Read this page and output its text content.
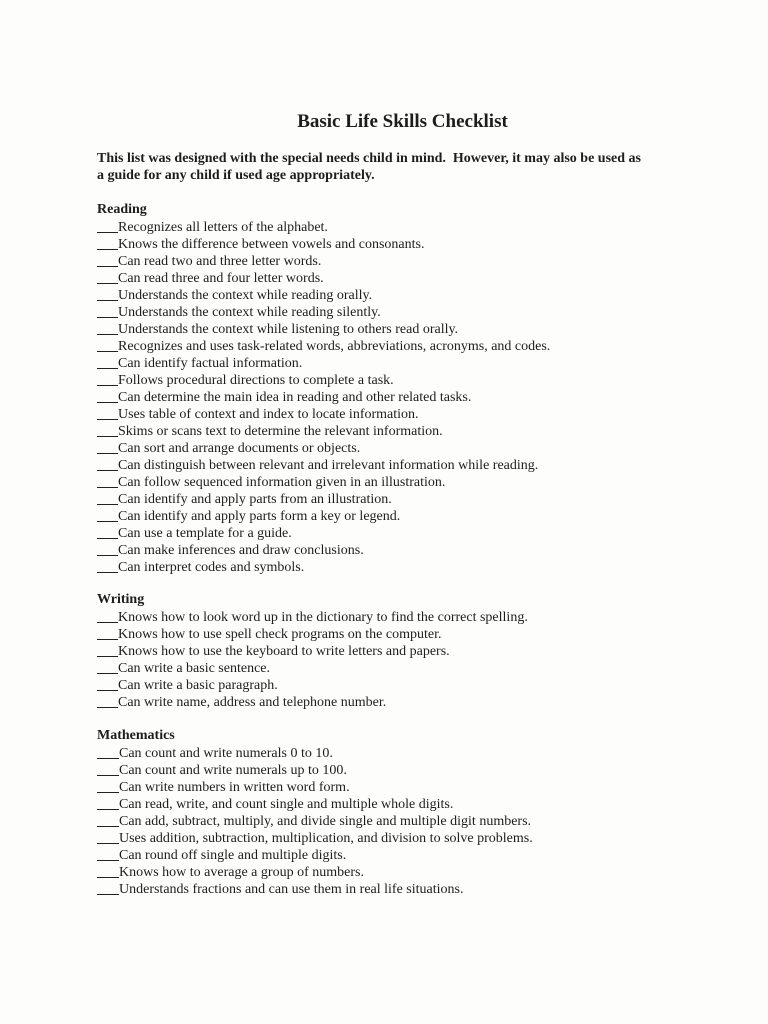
Basic Life Skills Checklist
This list was designed with the special needs child in mind.  However, it may also be used as
a guide for any child if used age appropriately.
Reading
Recognizes all letters of the alphabet.
Knows the difference between vowels and consonants.
Can read two and three letter words.
Can read three and four letter words.
Understands the context while reading orally.
Understands the context while reading silently.
Understands the context while listening to others read orally.
Recognizes and uses task-related words, abbreviations, acronyms, and codes.
Can identify factual information.
Follows procedural directions to complete a task.
Can determine the main idea in reading and other related tasks.
Uses table of context and index to locate information.
Skims or scans text to determine the relevant information.
Can sort and arrange documents or objects.
Can distinguish between relevant and irrelevant information while reading.
Can follow sequenced information given in an illustration.
Can identify and apply parts from an illustration.
Can identify and apply parts form a key or legend.
Can use a template for a guide.
Can make inferences and draw conclusions.
Can interpret codes and symbols.
Writing
Knows how to look word up in the dictionary to find the correct spelling.
Knows how to use spell check programs on the computer.
Knows how to use the keyboard to write letters and papers.
Can write a basic sentence.
Can write a basic paragraph.
Can write name, address and telephone number.
Mathematics
Can count and write numerals 0 to 10.
Can count and write numerals up to 100.
Can write numbers in written word form.
Can read, write, and count single and multiple whole digits.
Can add, subtract, multiply, and divide single and multiple digit numbers.
Uses addition, subtraction, multiplication, and division to solve problems.
Can round off single and multiple digits.
Knows how to average a group of numbers.
Understands fractions and can use them in real life situations.
